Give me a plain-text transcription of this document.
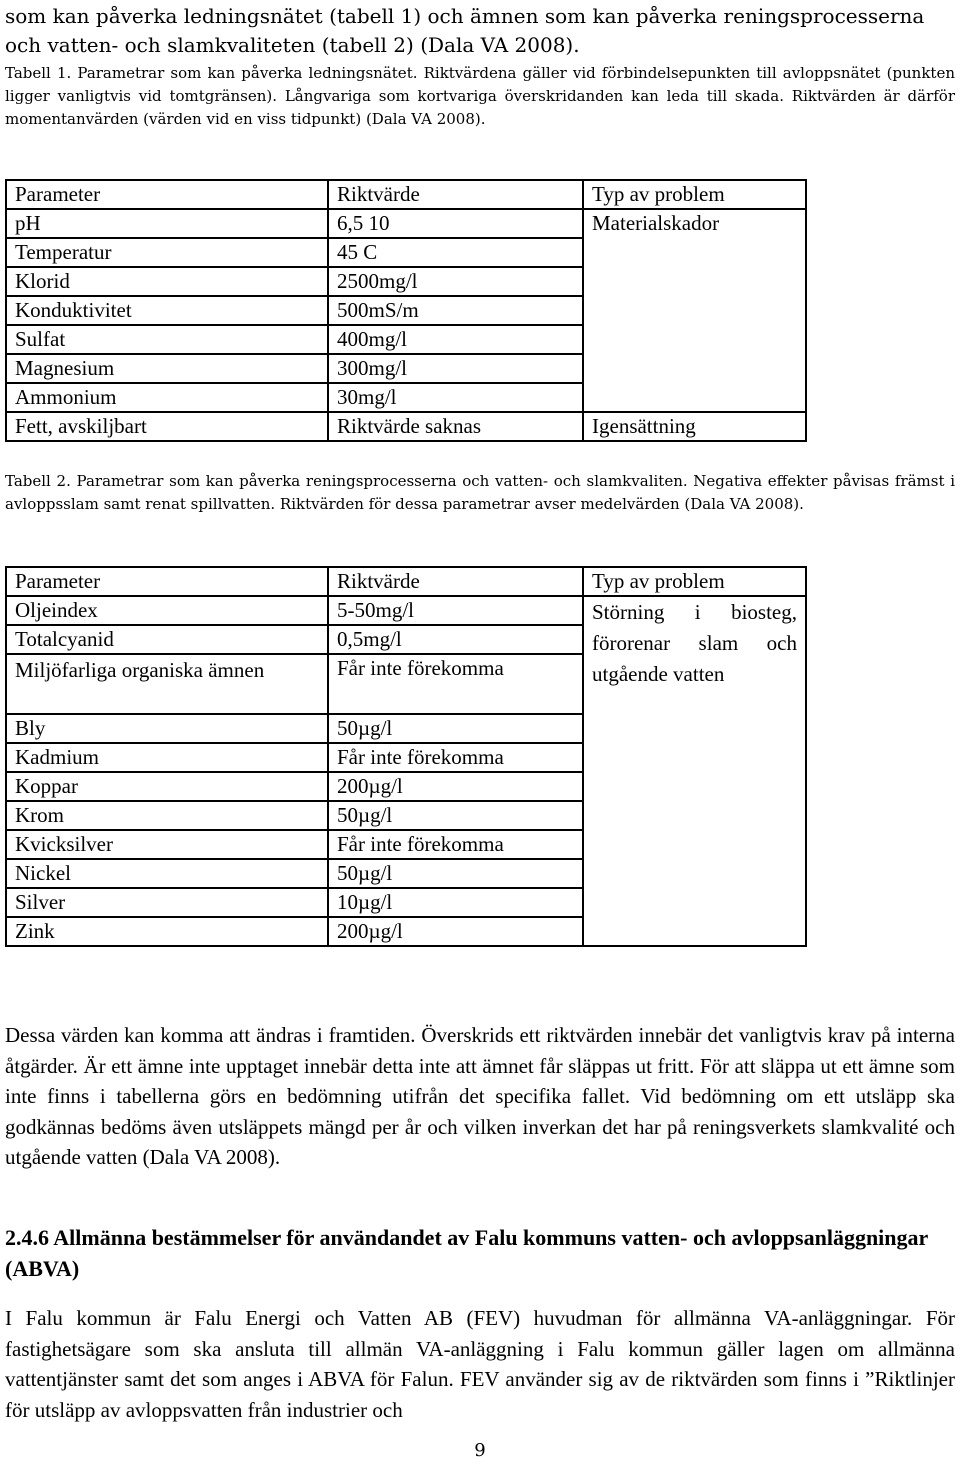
som kan påverka ledningsnätet (tabell 1) och ämnen som kan påverka reningsprocesserna och vatten- och slamkvaliteten (tabell 2) (Dala VA 2008).

Tabell 1. Parametrar som kan påverka ledningsnätet. Riktvärdena gäller vid förbindelsepunkten till avloppsnätet (punkten ligger vanligtvis vid tomtgränsen). Långvariga som kortvariga överskridanden kan leda till skada. Riktvärden är därför momentanvärden (värden vid en viss tidpunkt) (Dala VA 2008).

Parameter	Riktvärde	Typ av problem
pH	6,5 10	Materialskador
Temperatur	45 C	
Klorid	2500mg/l	
Konduktivitet	500mS/m	
Sulfat	400mg/l	
Magnesium	300mg/l	
Ammonium	30mg/l	
Fett, avskiljbart	Riktvärde saknas	Igensättning

Tabell 2. Parametrar som kan påverka reningsprocesserna och vatten- och slamkvaliten. Negativa effekter påvisas främst i avloppsslam samt renat spillvatten. Riktvärden för dessa parametrar avser medelvärden (Dala VA 2008).

Parameter	Riktvärde	Typ av problem
Oljeindex	5-50mg/l	Störning i biosteg, förorenar slam och utgående vatten
Totalcyanid	0,5mg/l	
Miljöfarliga organiska ämnen	Får inte förekomma	
Bly	50µg/l	
Kadmium	Får inte förekomma	
Koppar	200µg/l	
Krom	50µg/l	
Kvicksilver	Får inte förekomma	
Nickel	50µg/l	
Silver	10µg/l	
Zink	200µg/l	

Dessa värden kan komma att ändras i framtiden. Överskrids ett riktvärden innebär det vanligtvis krav på interna åtgärder. Är ett ämne inte upptaget innebär detta inte att ämnet får släppas ut fritt. För att släppa ut ett ämne som inte finns i tabellerna görs en bedömning utifrån det specifika fallet. Vid bedömning om ett utsläpp ska godkännas bedöms även utsläppets mängd per år och vilken inverkan det har på reningsverkets slamkvalité och utgående vatten (Dala VA 2008).

2.4.6 Allmänna bestämmelser för användandet av Falu kommuns vatten- och avloppsanläggningar (ABVA)

I Falu kommun är Falu Energi och Vatten AB (FEV) huvudman för allmänna VA-anläggningar. För fastighetsägare som ska ansluta till allmän VA-anläggning i Falu kommun gäller lagen om allmänna vattentjänster samt det som anges i ABVA för Falun. FEV använder sig av de riktvärden som finns i ”Riktlinjer för utsläpp av avloppsvatten från industrier och

9
